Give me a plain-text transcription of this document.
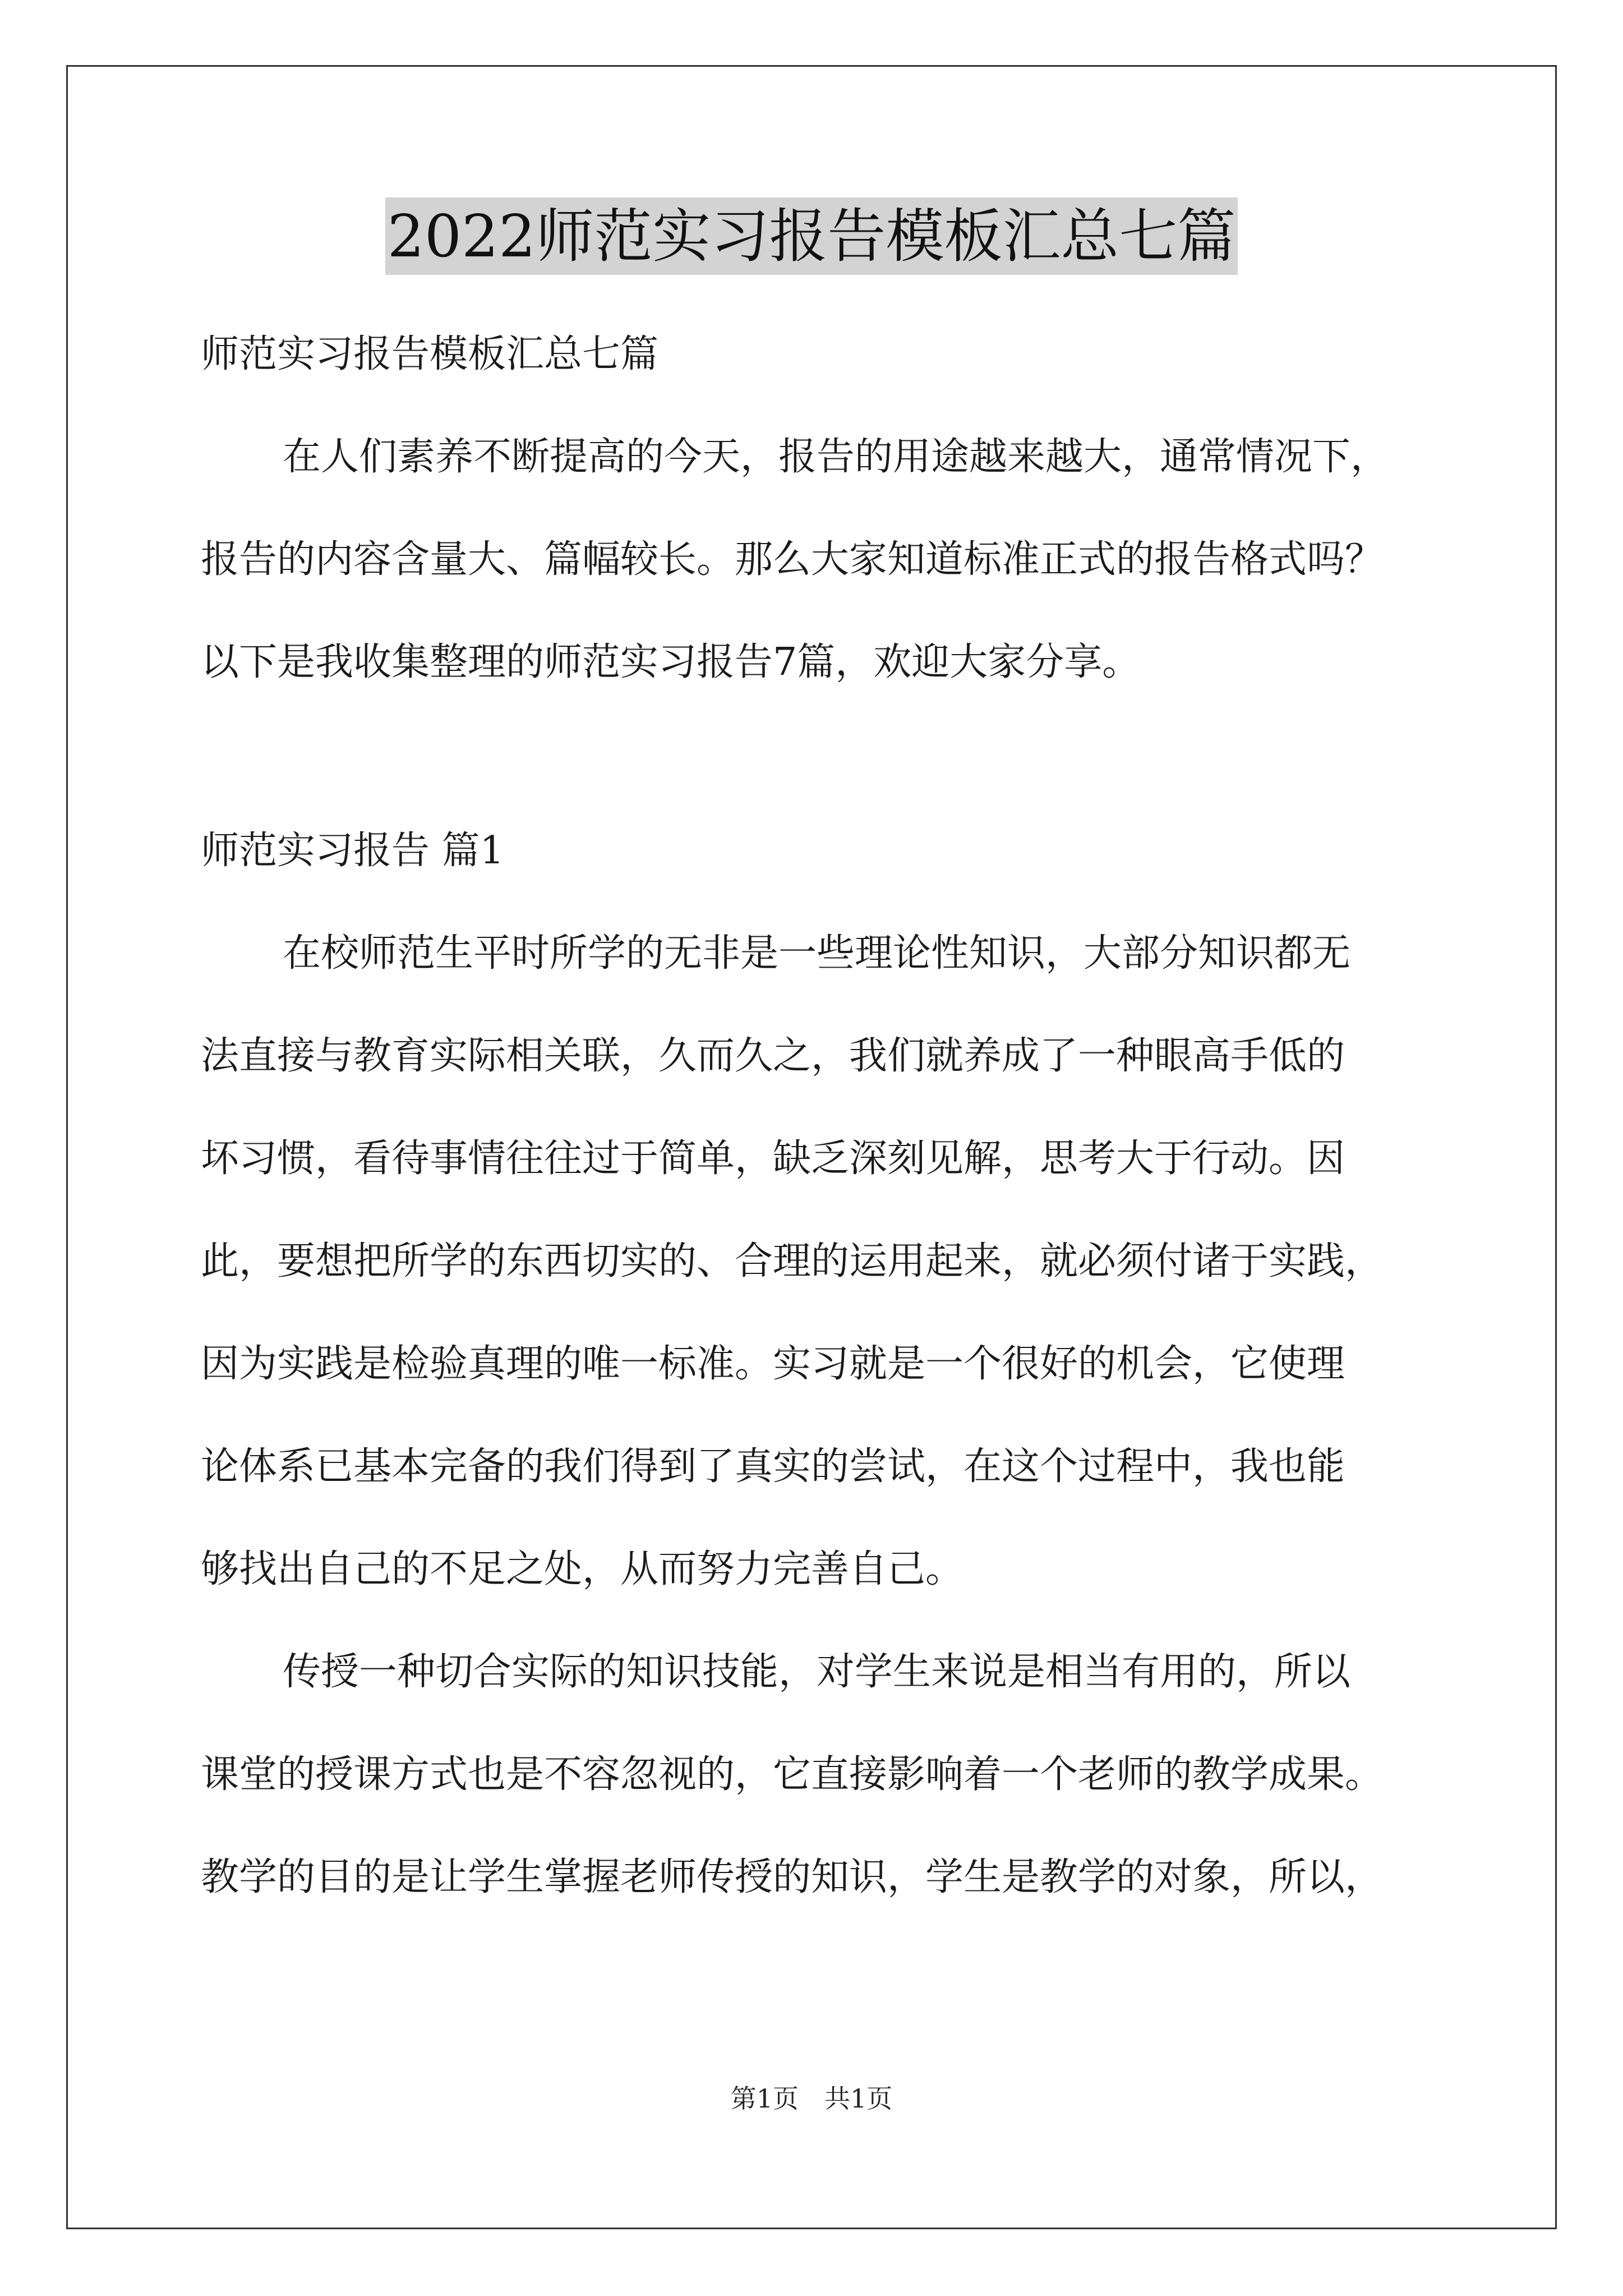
2022师范实习报告模板汇总七篇

师范实习报告模板汇总七篇

在人们素养不断提高的今天，报告的用途越来越大，通常情况下，

报告的内容含量大、篇幅较长。那么大家知道标准正式的报告格式吗？

以下是我收集整理的师范实习报告7篇，欢迎大家分享。

师范实习报告 篇1

在校师范生平时所学的无非是一些理论性知识，大部分知识都无

法直接与教育实际相关联，久而久之，我们就养成了一种眼高手低的

坏习惯，看待事情往往过于简单，缺乏深刻见解，思考大于行动。因

此，要想把所学的东西切实的、合理的运用起来，就必须付诸于实践，

因为实践是检验真理的唯一标准。实习就是一个很好的机会，它使理

论体系已基本完备的我们得到了真实的尝试，在这个过程中，我也能

够找出自己的不足之处，从而努力完善自己。

传授一种切合实际的知识技能，对学生来说是相当有用的，所以

课堂的授课方式也是不容忽视的，它直接影响着一个老师的教学成果。

教学的目的是让学生掌握老师传授的知识，学生是教学的对象，所以，

第1页　共1页
